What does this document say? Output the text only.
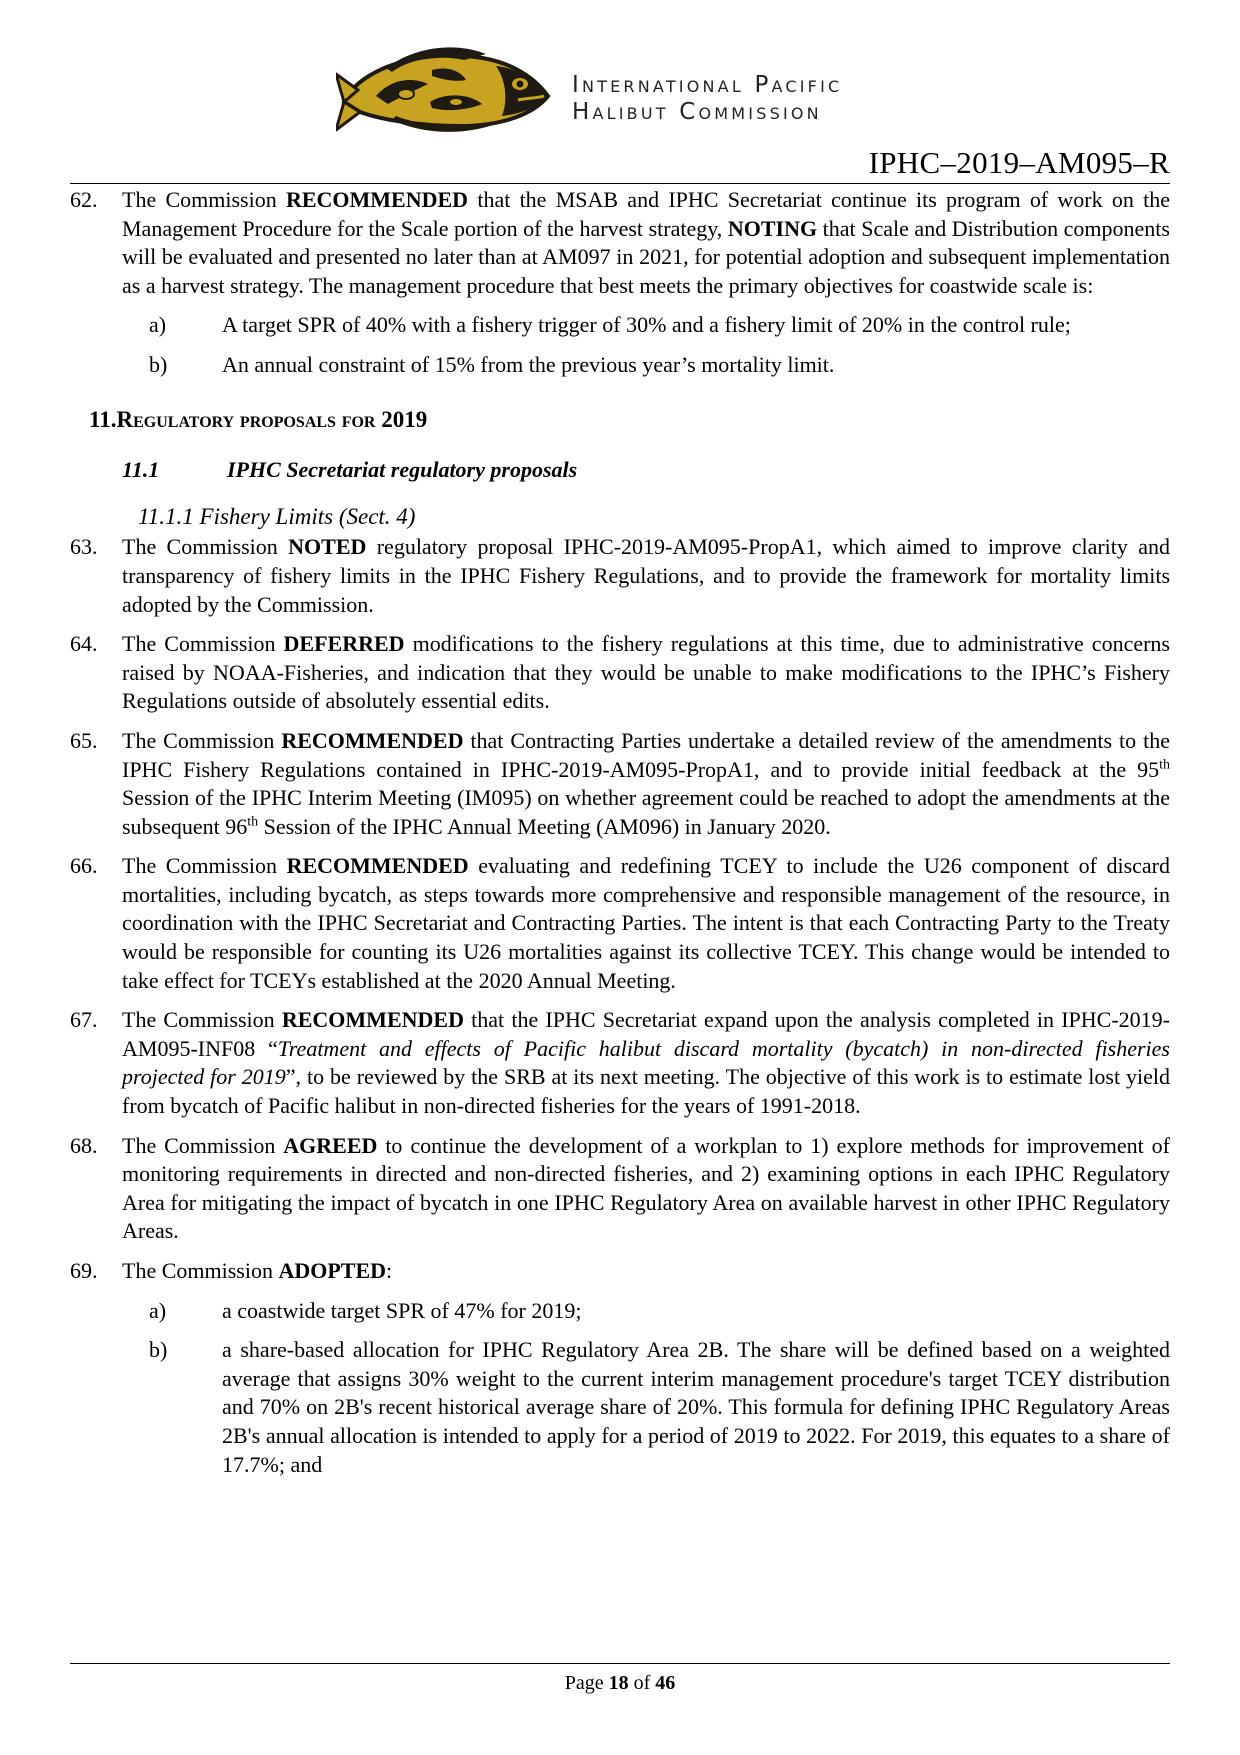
International Pacific
Halibut Commission
IPHC–2019–AM095–R
62.	The Commission RECOMMENDED that the MSAB and IPHC Secretariat continue its program of work on the Management Procedure for the Scale portion of the harvest strategy, NOTING that Scale and Distribution components will be evaluated and presented no later than at AM097 in 2021, for potential adoption and subsequent implementation as a harvest strategy. The management procedure that best meets the primary objectives for coastwide scale is:
a)	A target SPR of 40% with a fishery trigger of 30% and a fishery limit of 20% in the control rule;
b) An annual constraint of 15% from the previous year’s mortality limit.
11.Regulatory proposals for 2019
11.1	IPHC Secretariat regulatory proposals
11.1.1 Fishery Limits (Sect. 4)
63.	The Commission NOTED regulatory proposal IPHC-2019-AM095-PropA1, which aimed to improve clarity and transparency of fishery limits in the IPHC Fishery Regulations, and to provide the framework for mortality limits adopted by the Commission.
64.	The Commission DEFERRED modifications to the fishery regulations at this time, due to administrative concerns raised by NOAA-Fisheries, and indication that they would be unable to make modifications to the IPHC’s Fishery Regulations outside of absolutely essential edits.
65.	The Commission RECOMMENDED that Contracting Parties undertake a detailed review of the amendments to the IPHC Fishery Regulations contained in IPHC-2019-AM095-PropA1, and to provide initial feedback at the 95th Session of the IPHC Interim Meeting (IM095) on whether agreement could be reached to adopt the amendments at the subsequent 96th Session of the IPHC Annual Meeting (AM096) in January 2020.
66.	The Commission RECOMMENDED evaluating and redefining TCEY to include the U26 component of discard mortalities, including bycatch, as steps towards more comprehensive and responsible management of the resource, in coordination with the IPHC Secretariat and Contracting Parties. The intent is that each Contracting Party to the Treaty would be responsible for counting its U26 mortalities against its collective TCEY. This change would be intended to take effect for TCEYs established at the 2020 Annual Meeting.
67.	The Commission RECOMMENDED that the IPHC Secretariat expand upon the analysis completed in IPHC-2019-AM095-INF08 “Treatment and effects of Pacific halibut discard mortality (bycatch) in non-directed fisheries projected for 2019”, to be reviewed by the SRB at its next meeting. The objective of this work is to estimate lost yield from bycatch of Pacific halibut in non-directed fisheries for the years of 1991-2018.
68.	The Commission AGREED to continue the development of a workplan to 1) explore methods for improvement of monitoring requirements in directed and non-directed fisheries, and 2) examining options in each IPHC Regulatory Area for mitigating the impact of bycatch in one IPHC Regulatory Area on available harvest in other IPHC Regulatory Areas.
69.	The Commission ADOPTED:
a)	a coastwide target SPR of 47% for 2019;
b) a share-based allocation for IPHC Regulatory Area 2B. The share will be defined based on a weighted average that assigns 30% weight to the current interim management procedure's target TCEY distribution and 70% on 2B's recent historical average share of 20%. This formula for defining IPHC Regulatory Areas 2B's annual allocation is intended to apply for a period of 2019 to 2022. For 2019, this equates to a share of 17.7%; and
Page 18 of 46
